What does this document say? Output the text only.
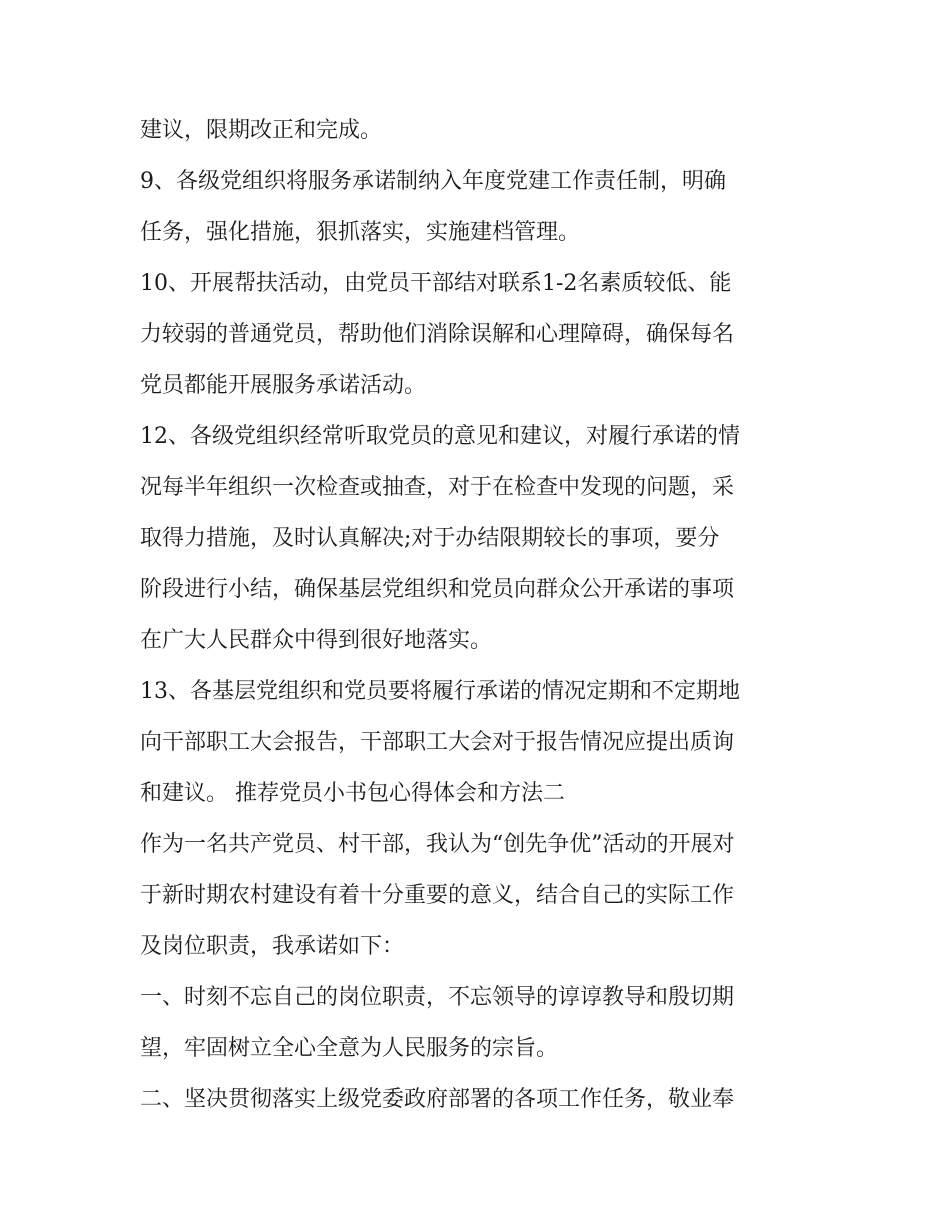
建议，限期改正和完成。
9、各级党组织将服务承诺制纳入年度党建工作责任制，明确
任务，强化措施，狠抓落实，实施建档管理。
10、开展帮扶活动，由党员干部结对联系1-2名素质较低、能
力较弱的普通党员，帮助他们消除误解和心理障碍，确保每名
党员都能开展服务承诺活动。
12、各级党组织经常听取党员的意见和建议，对履行承诺的情
况每半年组织一次检查或抽查，对于在检查中发现的问题，采
取得力措施，及时认真解决;对于办结限期较长的事项，要分
阶段进行小结，确保基层党组织和党员向群众公开承诺的事项
在广大人民群众中得到很好地落实。
13、各基层党组织和党员要将履行承诺的情况定期和不定期地
向干部职工大会报告，干部职工大会对于报告情况应提出质询
和建议。 推荐党员小书包心得体会和方法二
作为一名共产党员、村干部，我认为“创先争优”活动的开展对
于新时期农村建设有着十分重要的意义，结合自己的实际工作
及岗位职责，我承诺如下：
一、时刻不忘自己的岗位职责，不忘领导的谆谆教导和殷切期
望，牢固树立全心全意为人民服务的宗旨。
二、坚决贯彻落实上级党委政府部署的各项工作任务，敬业奉
